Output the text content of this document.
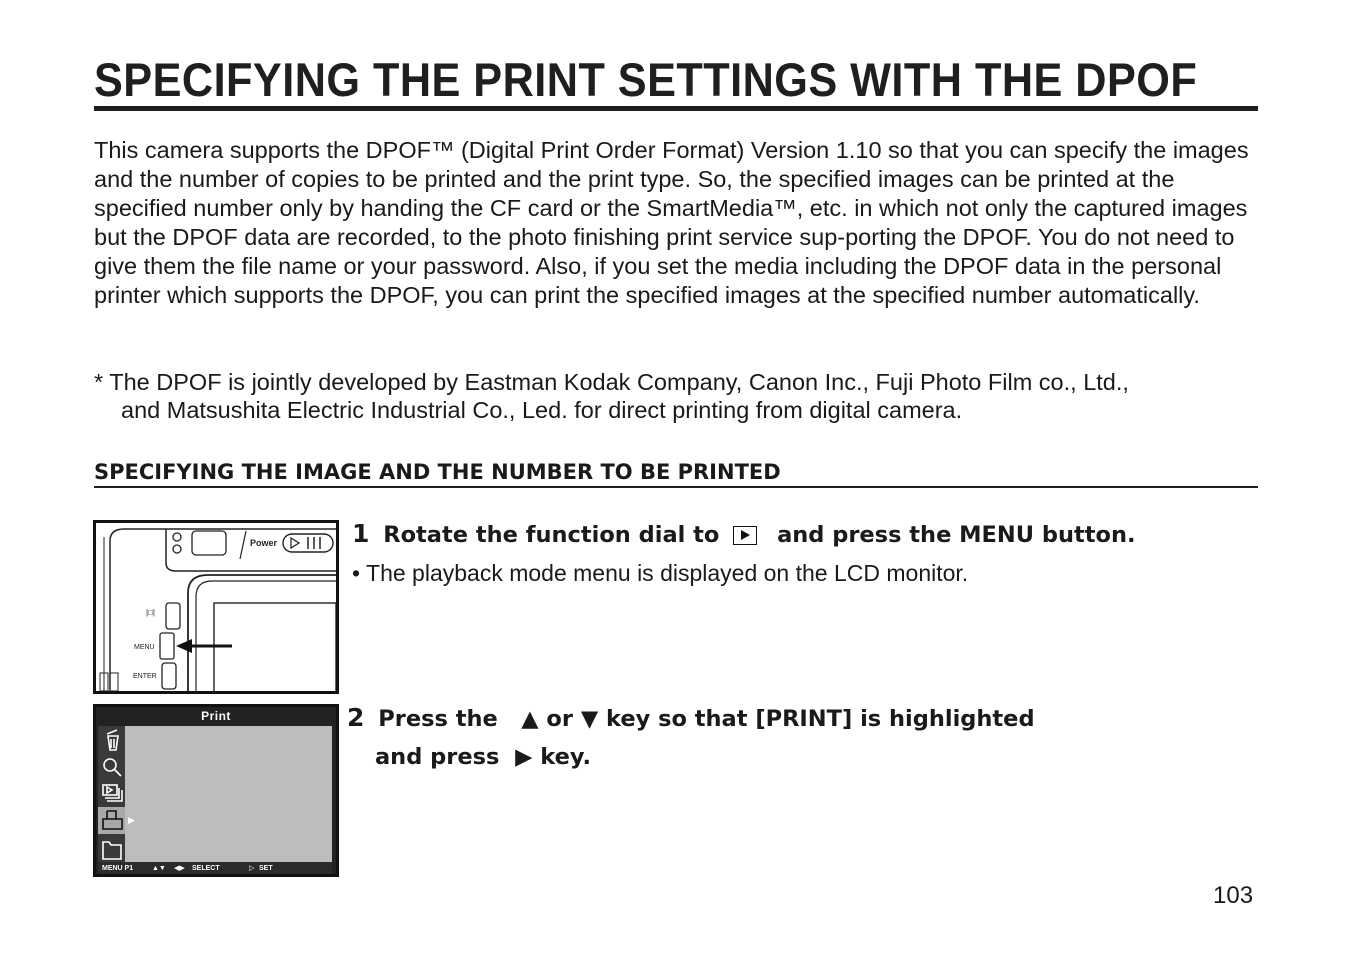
SPECIFYING THE PRINT SETTINGS WITH THE DPOF

This camera supports the DPOF™ (Digital Print Order Format) Version 1.10 so that you can specify the images and the number of copies to be printed and the print type. So, the specified images can be printed at the specified number only by handing the CF card or the SmartMedia™, etc. in which not only the captured images but the DPOF data are recorded, to the photo finishing print service sup-porting the DPOF. You do not need to give them the file name or your password. Also, if you set the media including the DPOF data in the personal printer which supports the DPOF, you can print the specified images at the specified number automatically.

* The DPOF is jointly developed by Eastman Kodak Company, Canon Inc., Fuji Photo Film co., Ltd.,
and Matsushita Electric Industrial Co., Led. for direct printing from digital camera.

SPECIFYING THE IMAGE AND THE NUMBER TO BE PRINTED
Power
|□|
MENU
ENTER
Print
▶
MENU P1	▲▼ ◀▶ SELECT	▷ SET
1 Rotate the function dial to	and press the MENU button.
• The playback mode menu is displayed on the LCD monitor.
2 Press the ▲ or ▼ key so that [PRINT] is highlighted
and press ▶ key.
103
